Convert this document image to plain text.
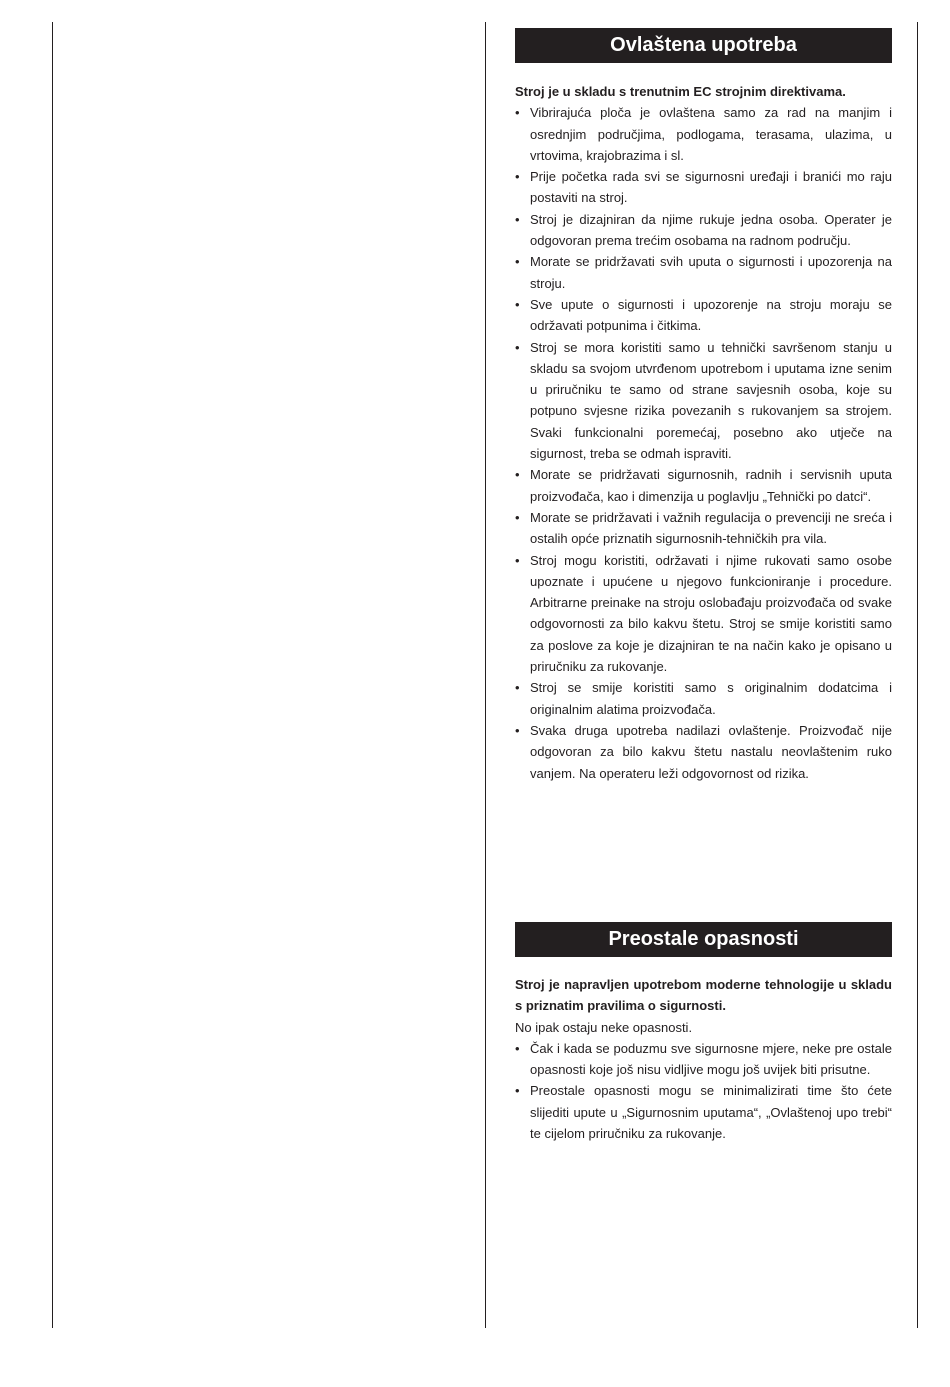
Ovlaštena upotreba

Stroj je u skladu s trenutnim EC strojnim direktivama.

• Vibrirajuća ploča je ovlaštena samo za rad na manjim i osrednjim područjima, podlogama, terasama, ulazima, u vrtovima, krajobrazima i sl.
• Prije početka rada svi se sigurnosni uređaji i branići mo raju postaviti na stroj.
• Stroj je dizajniran da njime rukuje jedna osoba. Operater je odgovoran prema trećim osobama na radnom području.
• Morate se pridržavati svih uputa o sigurnosti i upozorenja na stroju.
• Sve upute o sigurnosti i upozorenje na stroju moraju se održavati potpunima i čitkima.
• Stroj se mora koristiti samo u tehnički savršenom stanju u skladu sa svojom utvrđenom upotrebom i uputama izne senim u priručniku te samo od strane savjesnih osoba, koje su potpuno svjesne rizika povezanih s rukovanjem sa strojem. Svaki funkcionalni poremećaj, posebno ako utječe na sigurnost, treba se odmah ispraviti.
• Morate se pridržavati sigurnosnih, radnih i servisnih uputa proizvođača, kao i dimenzija u poglavlju „Tehnički po datci“.
• Morate se pridržavati i važnih regulacija o prevenciji ne sreća i ostalih opće priznatih sigurnosnih-tehničkih pra vila.
• Stroj mogu koristiti, održavati i njime rukovati samo osobe upoznate i upućene u njegovo funkcioniranje i procedure. Arbitrarne preinake na stroju oslobađaju proizvođača od svake odgovornosti za bilo kakvu štetu. Stroj se smije koristiti samo za poslove za koje je dizajniran te na način kako je opisano u priručniku za rukovanje.
• Stroj se smije koristiti samo s originalnim dodatcima i originalnim alatima proizvođača.
• Svaka druga upotreba nadilazi ovlaštenje. Proizvođač nije odgovoran za bilo kakvu štetu nastalu neovlaštenim ruko vanjem. Na operateru leži odgovornost od rizika.
Preostale opasnosti

Stroj je napravljen upotrebom moderne tehnologije u skladu s priznatim pravilima o sigurnosti.

No ipak ostaju neke opasnosti.

• Čak i kada se poduzmu sve sigurnosne mjere, neke pre ostale opasnosti koje još nisu vidljive mogu još uvijek biti prisutne.
• Preostale opasnosti mogu se minimalizirati time što ćete slijediti upute u „Sigurnosnim uputama“, „Ovlaštenoj upo trebi“ te cijelom priručniku za rukovanje.
